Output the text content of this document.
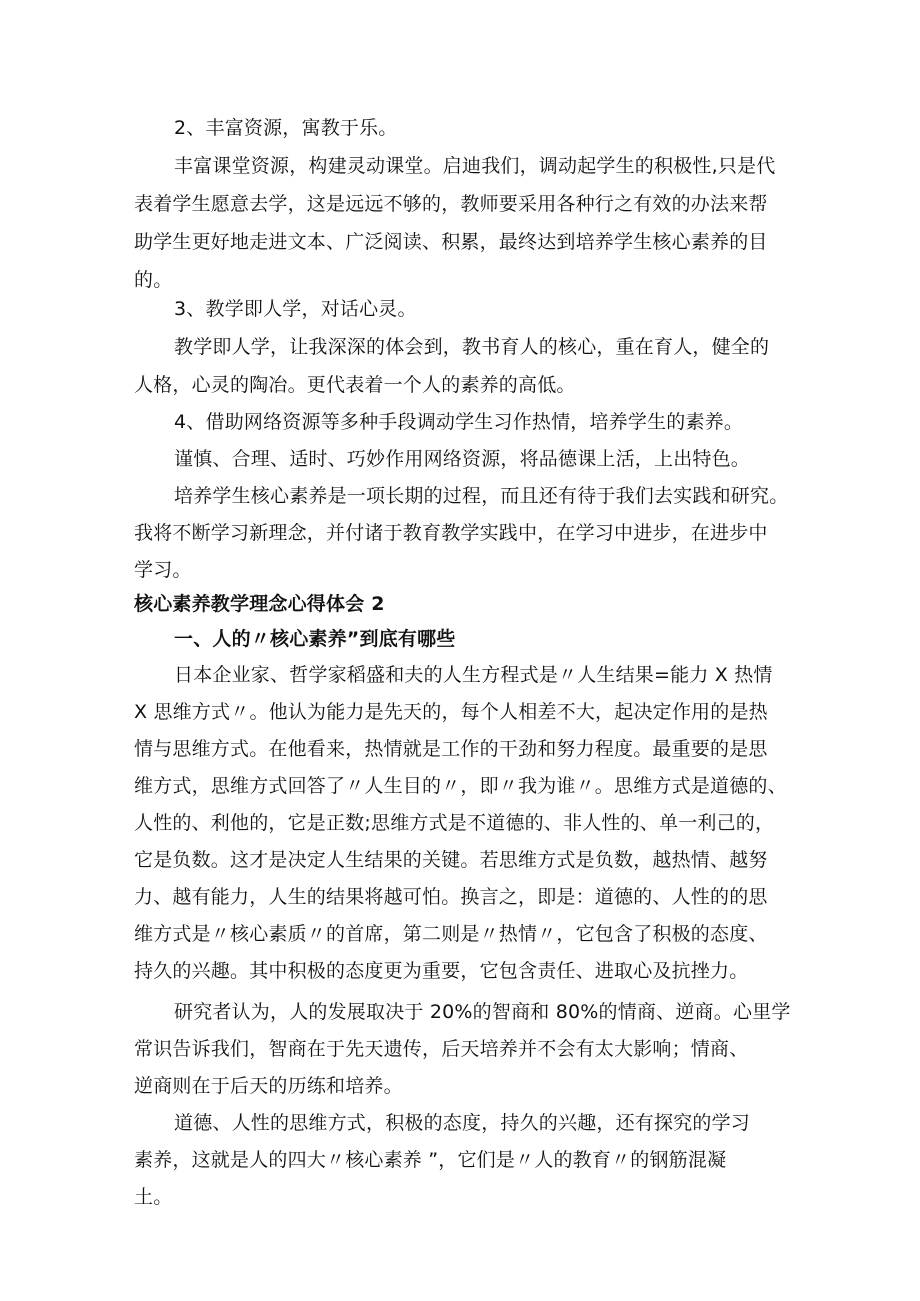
2、丰富资源，寓教于乐。
丰富课堂资源，构建灵动课堂。启迪我们，调动起学生的积极性,只是代
表着学生愿意去学，这是远远不够的，教师要采用各种行之有效的办法来帮
助学生更好地走进文本、广泛阅读、积累，最终达到培养学生核心素养的目
的。
3、教学即人学，对话心灵。
教学即人学，让我深深的体会到，教书育人的核心，重在育人，健全的
人格，心灵的陶冶。更代表着一个人的素养的高低。
4、借助网络资源等多种手段调动学生习作热情，培养学生的素养。
谨慎、合理、适时、巧妙作用网络资源，将品德课上活，上出特色。
培养学生核心素养是一项长期的过程，而且还有待于我们去实践和研究。
我将不断学习新理念，并付诸于教育教学实践中，在学习中进步，在进步中
学习。
核心素养教学理念心得体会 2
一、人的〃核心素养”到底有哪些
日本企业家、哲学家稻盛和夫的人生方程式是〃人生结果=能力 X 热情
X 思维方式〃。他认为能力是先天的，每个人相差不大，起决定作用的是热
情与思维方式。在他看来，热情就是工作的干劲和努力程度。最重要的是思
维方式，思维方式回答了〃人生目的〃，即〃我为谁〃。思维方式是道德的、
人性的、利他的，它是正数;思维方式是不道德的、非人性的、单一利己的，
它是负数。这才是决定人生结果的关键。若思维方式是负数，越热情、越努
力、越有能力，人生的结果将越可怕。换言之，即是：道德的、人性的的思
维方式是〃核心素质〃的首席，第二则是〃热情〃，它包含了积极的态度、
持久的兴趣。其中积极的态度更为重要，它包含责任、进取心及抗挫力。
研究者认为，人的发展取决于 20%的智商和 80%的情商、逆商。心里学
常识告诉我们，智商在于先天遗传，后天培养并不会有太大影响；情商、
逆商则在于后天的历练和培养。
道德、人性的思维方式，积极的态度，持久的兴趣，还有探究的学习
素养，这就是人的四大〃核心素养 ”，它们是〃人的教育〃的钢筋混凝
土。
